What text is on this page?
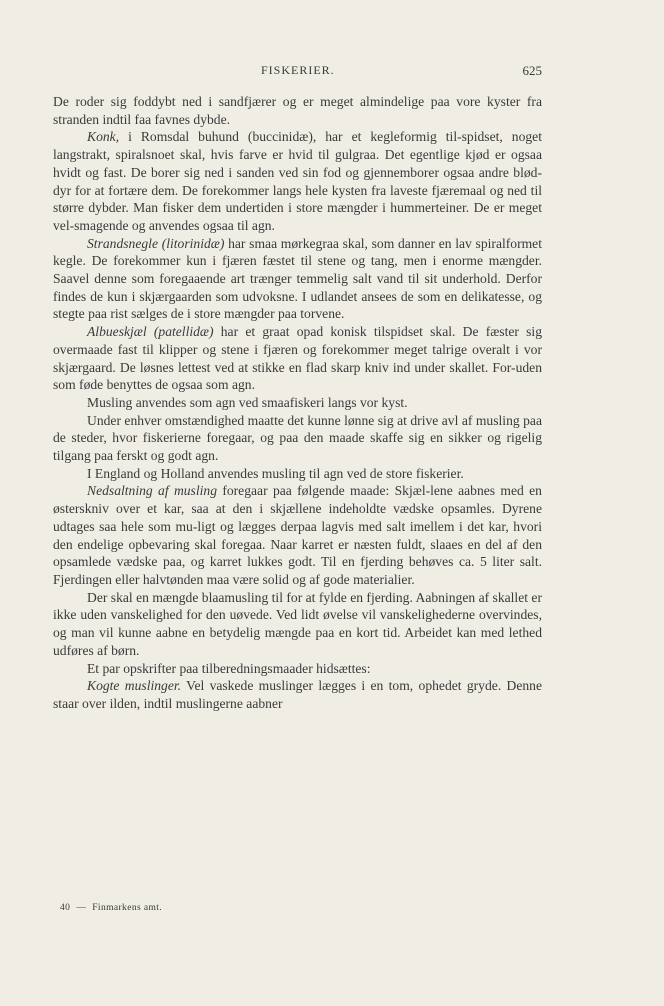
FISKERIER.	625

De roder sig foddybt ned i sandfjærer og er meget almindelige paa vore kyster fra stranden indtil faa favnes dybde.

Konk, i Romsdal buhund (buccinidæ), har et kegleformig til-spidset, noget langstrakt, spiralsnoet skal, hvis farve er hvid til gulgraa. Det egentlige kjød er ogsaa hvidt og fast. De borer sig ned i sanden ved sin fod og gjennemborer ogsaa andre blød-dyr for at fortære dem. De forekommer langs hele kysten fra laveste fjæremaal og ned til større dybder. Man fisker dem undertiden i store mængder i hummerteiner. De er meget vel-smagende og anvendes ogsaa til agn.

Strandsnegle (litorinidæ) har smaa mørkegraa skal, som danner en lav spiralformet kegle. De forekommer kun i fjæren fæstet til stene og tang, men i enorme mængder. Saavel denne som foregaaende art trænger temmelig salt vand til sit underhold. Derfor findes de kun i skjærgaarden som udvoksne. I udlandet ansees de som en delikatesse, og stegte paa rist sælges de i store mængder paa torvene.

Albueskjæl (patellidæ) har et graat opad konisk tilspidset skal. De fæster sig overmaade fast til klipper og stene i fjæren og forekommer meget talrige overalt i vor skjærgaard. De løsnes lettest ved at stikke en flad skarp kniv ind under skallet. For-uden som føde benyttes de ogsaa som agn.

Musling anvendes som agn ved smaafiskeri langs vor kyst.

Under enhver omstændighed maatte det kunne lønne sig at drive avl af musling paa de steder, hvor fiskerierne foregaar, og paa den maade skaffe sig en sikker og rigelig tilgang paa ferskt og godt agn.

I England og Holland anvendes musling til agn ved de store fiskerier.

Nedsaltning af musling foregaar paa følgende maade: Skjæl-lene aabnes med en østerskniv over et kar, saa at den i skjællene indeholdte vædske opsamles. Dyrene udtages saa hele som mu-ligt og lægges derpaa lagvis med salt imellem i det kar, hvori den endelige opbevaring skal foregaa. Naar karret er næsten fuldt, slaaes en del af den opsamlede vædske paa, og karret lukkes godt. Til en fjerding behøves ca. 5 liter salt. Fjerdingen eller halvtønden maa være solid og af gode materialier.

Der skal en mængde blaamusling til for at fylde en fjerding. Aabningen af skallet er ikke uden vanskelighed for den uøvede. Ved lidt øvelse vil vanskelighederne overvindes, og man vil kunne aabne en betydelig mængde paa en kort tid. Arbeidet kan med lethed udføres af børn.

Et par opskrifter paa tilberedningsmaader hidsættes:

Kogte muslinger. Vel vaskede muslinger lægges i en tom, ophedet gryde. Denne staar over ilden, indtil muslingerne aabner

40 — Finmarkens amt.
